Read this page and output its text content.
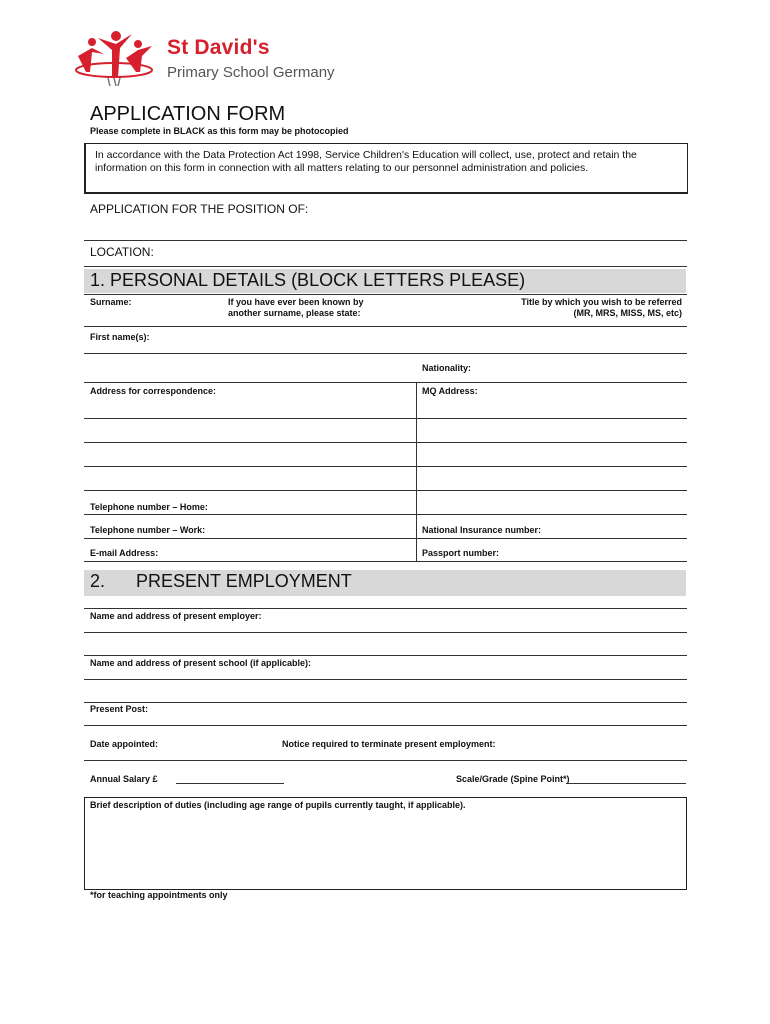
St David's
Primary School Germany
APPLICATION FORM
Please complete in BLACK as this form may be photocopied
In accordance with the Data Protection Act 1998, Service Children's Education will collect, use, protect and retain the information on this form in connection with all matters relating to our personnel administration and policies.
APPLICATION FOR THE POSITION OF:
LOCATION:
1. PERSONAL DETAILS (BLOCK LETTERS PLEASE)
Surname:	If you have ever been known by another surname, please state:
Title by which you wish to be referred
(MR, MRS, MISS, MS, etc)
First name(s):
Nationality:
Address for correspondence:	MQ Address:
Telephone number – Home:
Telephone number – Work:	National Insurance number:
E-mail Address:	Passport number:
2. PRESENT EMPLOYMENT
Name and address of present employer:
Name and address of present school (if applicable):
Present Post:
Date appointed:	Notice required to terminate present employment:
Annual Salary £	Scale/Grade (Spine Point*)
Brief description of duties (including age range of pupils currently taught, if applicable).
*for teaching appointments only
